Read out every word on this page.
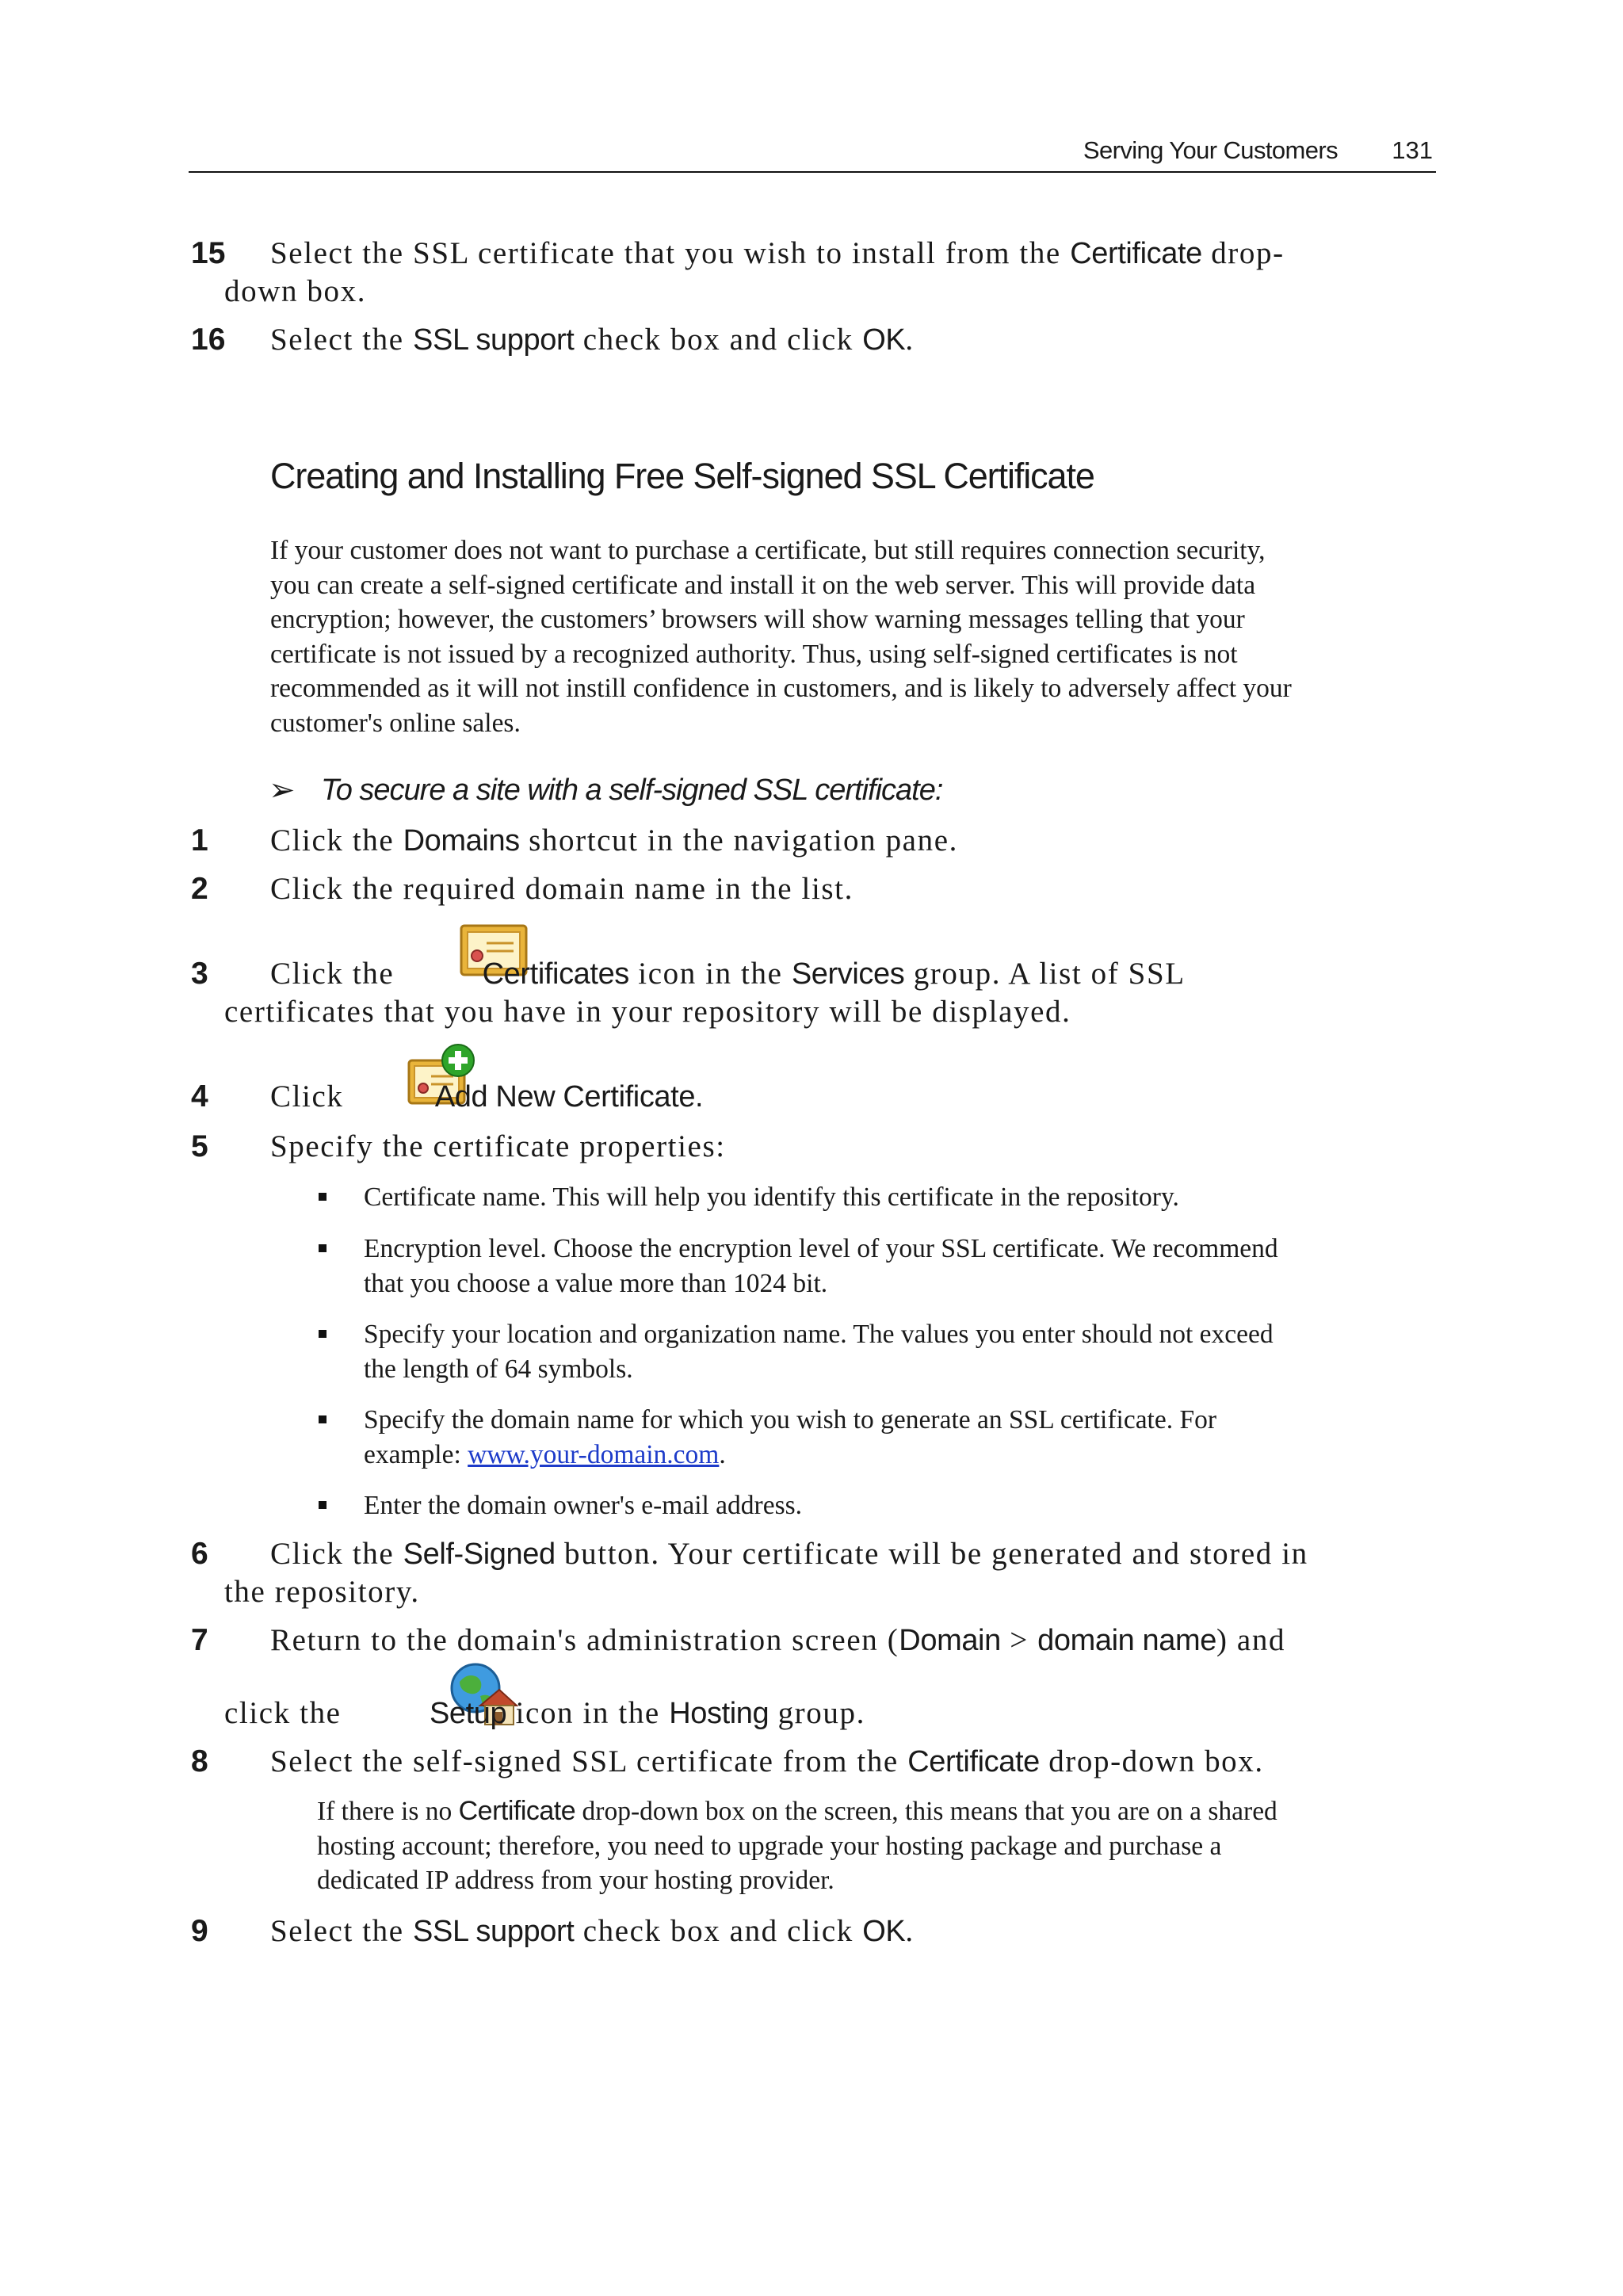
Serving Your Customers 131
15 Select the SSL certificate that you wish to install from the Certificate drop-
down box.
16 Select the SSL support check box and click OK.
Creating and Installing Free Self-signed SSL Certificate
If your customer does not want to purchase a certificate, but still requires connection security,
you can create a self-signed certificate and install it on the web server. This will provide data
encryption; however, the customers’ browsers will show warning messages telling that your
certificate is not issued by a recognized authority. Thus, using self-signed certificates is not
recommended as it will not instill confidence in customers, and is likely to adversely affect your
customer's online sales.
➢ To secure a site with a self-signed SSL certificate:
1 Click the Domains shortcut in the navigation pane.
2 Click the required domain name in the list.
3 Click the	Certificates icon in the Services group. A list of SSL
certificates that you have in your repository will be displayed.
4 Click	Add New Certificate.
5 Specify the certificate properties:
Certificate name. This will help you identify this certificate in the repository.
Encryption level. Choose the encryption level of your SSL certificate. We recommend
that you choose a value more than 1024 bit.
Specify your location and organization name. The values you enter should not exceed
the length of 64 symbols.
Specify the domain name for which you wish to generate an SSL certificate. For
example: www.your-domain.com.
Enter the domain owner's e-mail address.
6 Click the Self-Signed button. Your certificate will be generated and stored in
the repository.
7 Return to the domain's administration screen (Domain > domain name) and
click the	Setup icon in the Hosting group.
8 Select the self-signed SSL certificate from the Certificate drop-down box.
If there is no Certificate drop-down box on the screen, this means that you are on a shared
hosting account; therefore, you need to upgrade your hosting package and purchase a
dedicated IP address from your hosting provider.
9 Select the SSL support check box and click OK.
